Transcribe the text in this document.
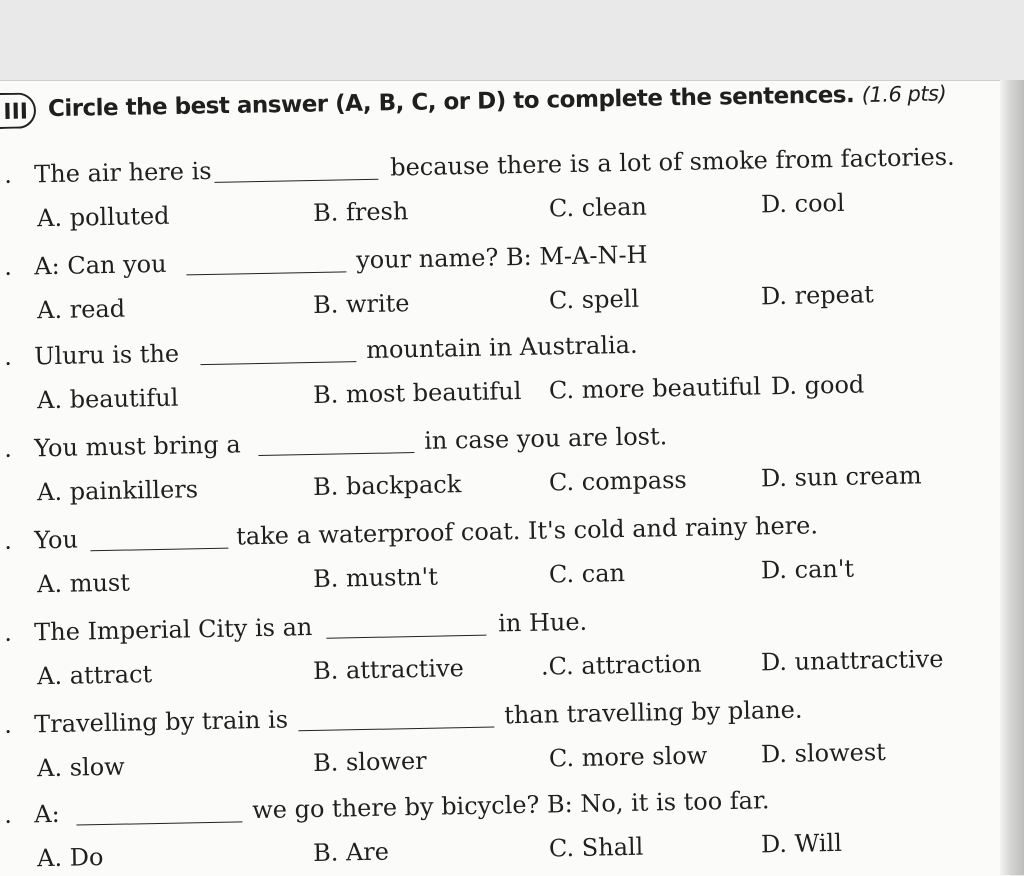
III Circle the best answer (A, B, C, or D) to complete the sentences. (1.6 pts)
. The air here is	because there is a lot of smoke from factories.
A. polluted	B. fresh	C. clean	D. cool
. A: Can you	your name? B: M-A-N-H
A. read	B. write	C. spell	D. repeat
. Uluru is the	mountain in Australia.
A. beautiful	B. most beautiful C. more beautiful D. good
. You must bring a	in case you are lost.
A. painkillers	B. backpack	C. compass	D. sun cream
. You	take a waterproof coat. It's cold and rainy here.
A. must	B. mustn't	C. can	D. can't
. The Imperial City is an	in Hue.
A. attract	B. attractive	.C. attraction D. unattractive
. Travelling by train is	than travelling by plane.
A. slow	B. slower	C. more slow D. slowest
. A:	we go there by bicycle? B: No, it is too far.
A. Do	B. Are	C. Shall	D. Will
